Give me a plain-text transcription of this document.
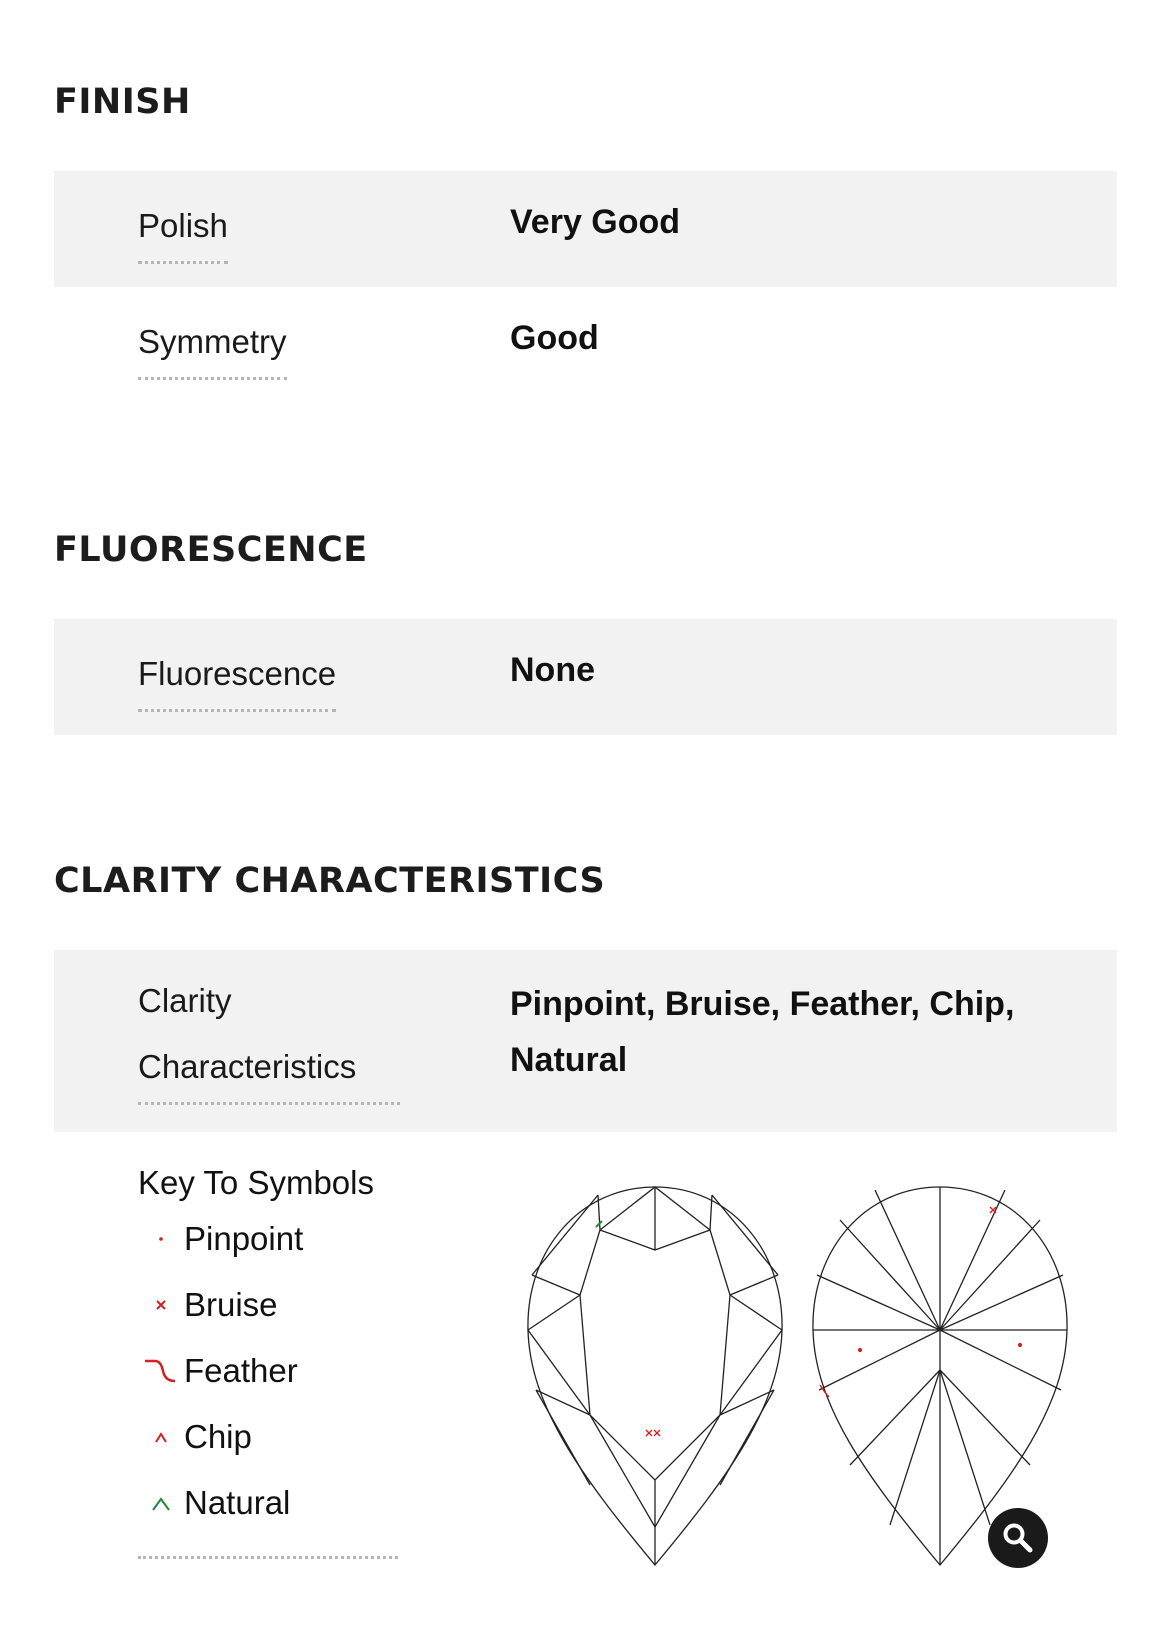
FINISH
Polish	Very Good
Symmetry	Good
FLUORESCENCE
Fluorescence	None
CLARITY CHARACTERISTICS
Clarity
Characteristics
Pinpoint, Bruise, Feather, Chip, Natural
Key To Symbols
Pinpoint
Bruise
Feather
Chip
Natural
